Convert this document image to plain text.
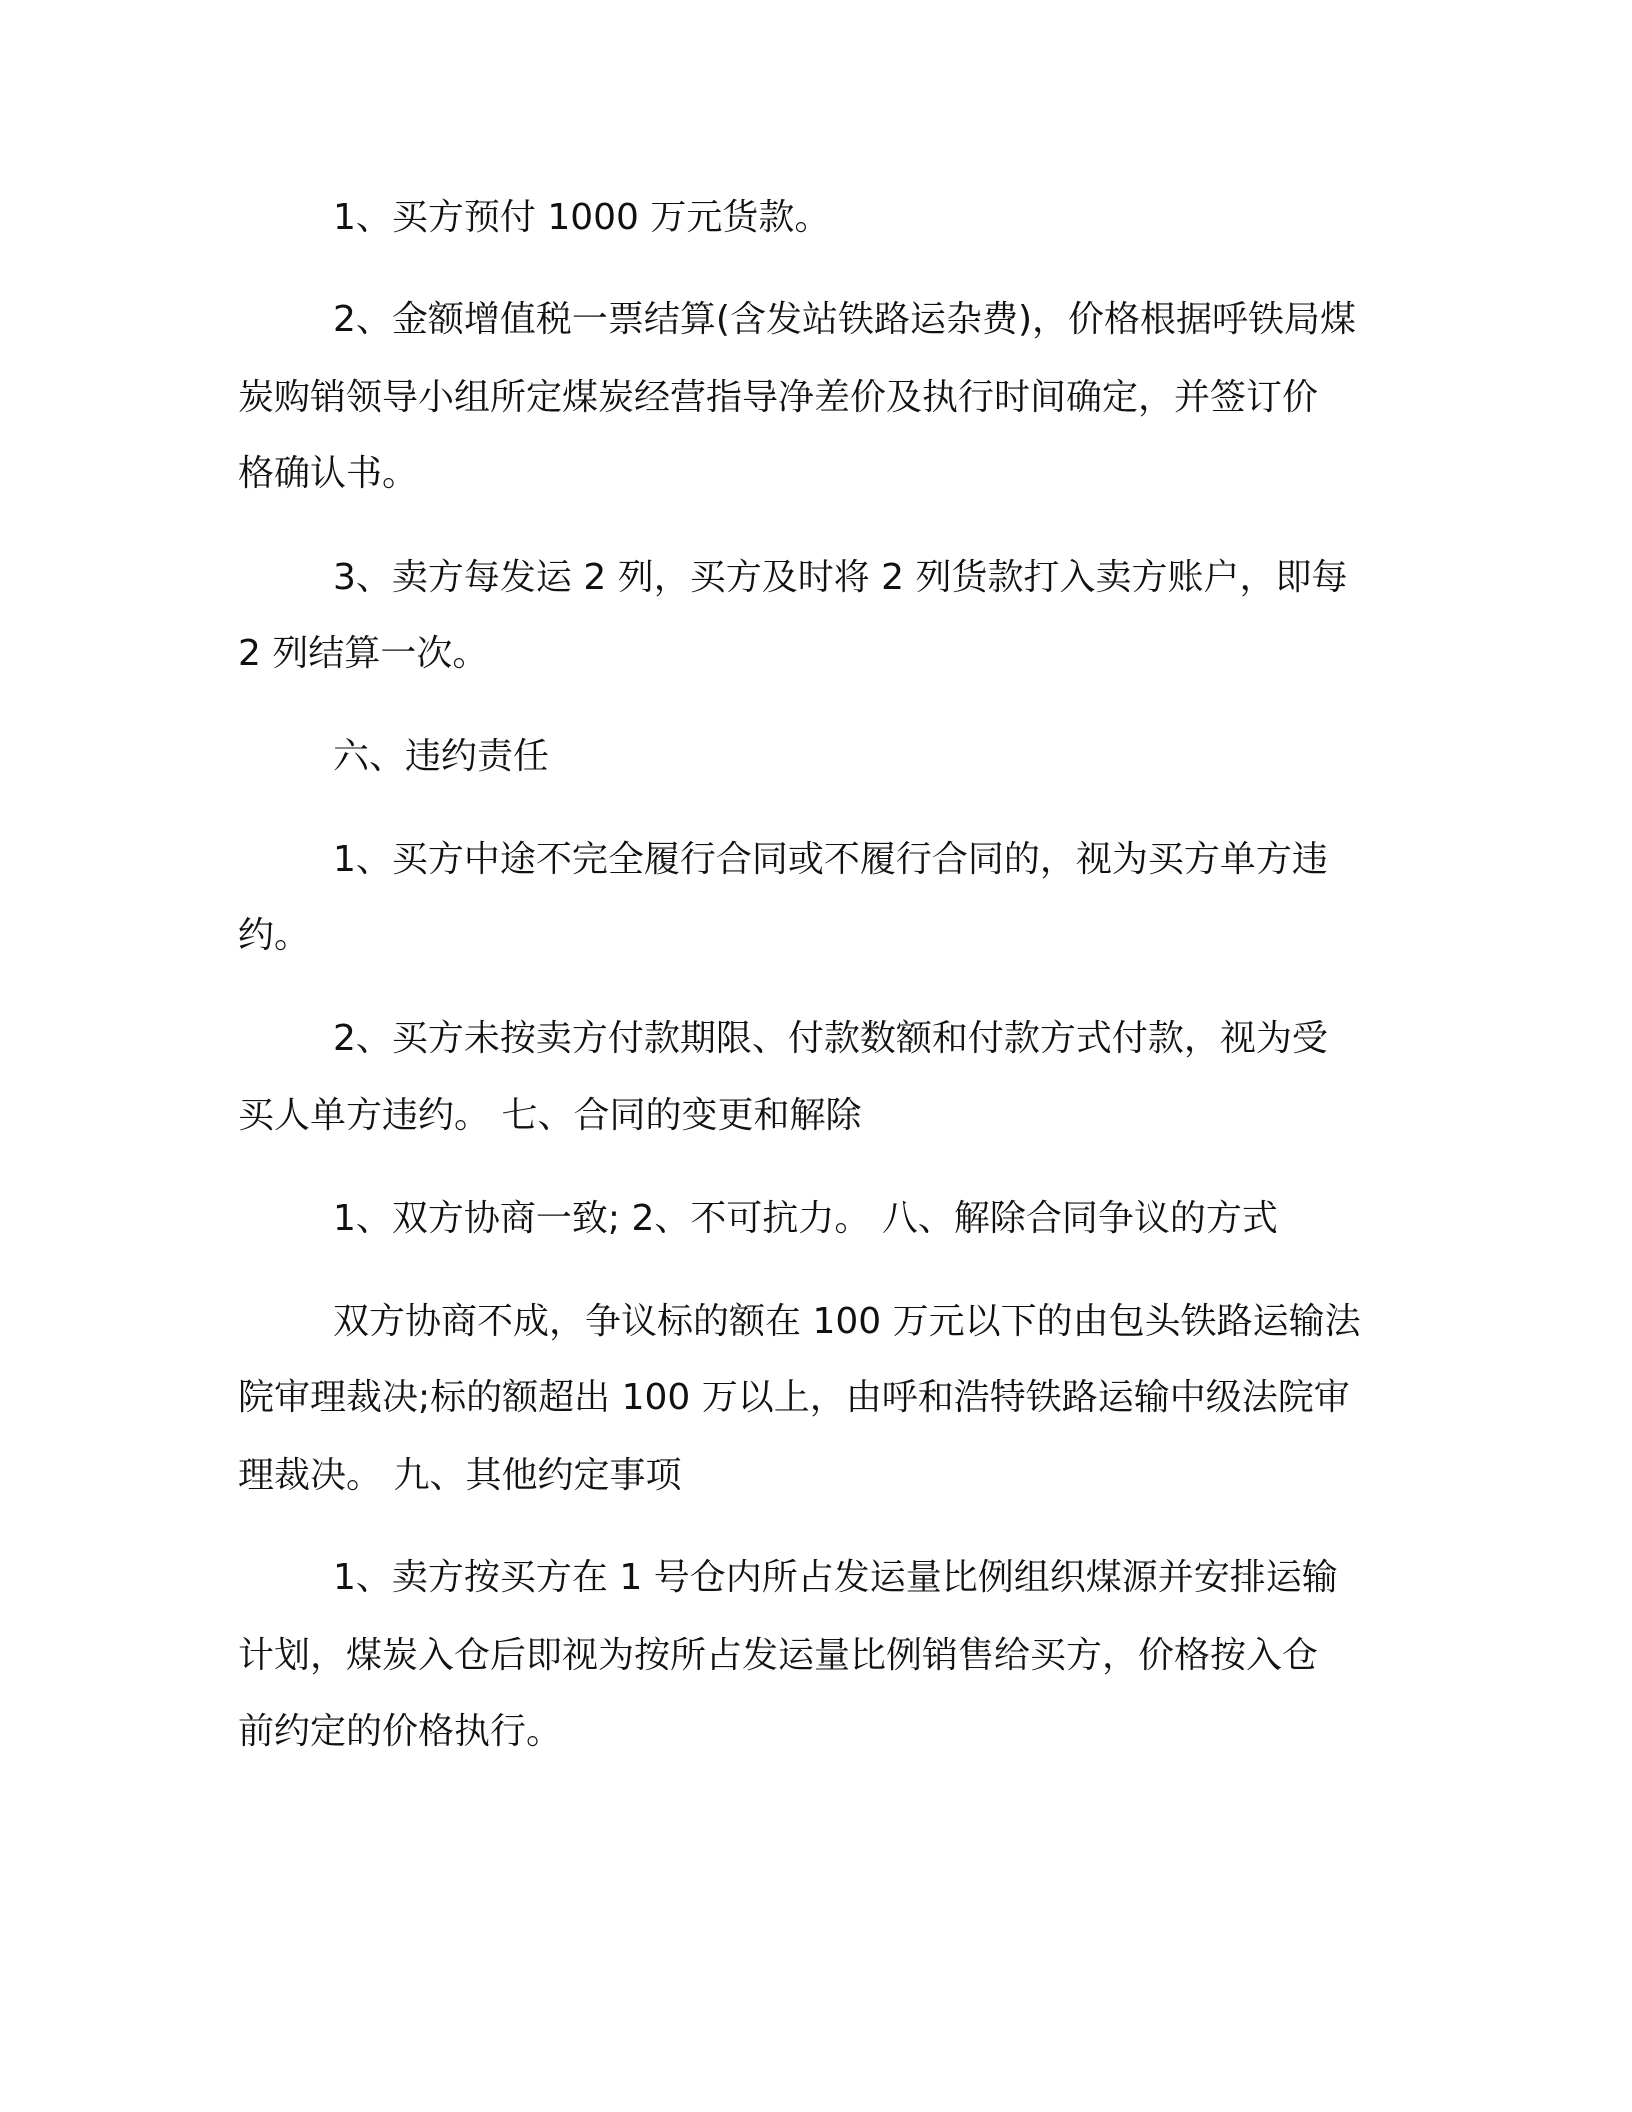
1、买方预付 1000 万元货款。
2、金额增值税一票结算(含发站铁路运杂费)，价格根据呼铁局煤
炭购销领导小组所定煤炭经营指导净差价及执行时间确定，并签订价
格确认书。
3、卖方每发运 2 列，买方及时将 2 列货款打入卖方账户，即每
2 列结算一次。
六、违约责任
1、买方中途不完全履行合同或不履行合同的，视为买方单方违
约。
2、买方未按卖方付款期限、付款数额和付款方式付款，视为受
买人单方违约。 七、合同的变更和解除
1、双方协商一致; 2、不可抗力。 八、解除合同争议的方式
双方协商不成，争议标的额在 100 万元以下的由包头铁路运输法
院审理裁决;标的额超出 100 万以上，由呼和浩特铁路运输中级法院审
理裁决。 九、其他约定事项
1、卖方按买方在 1 号仓内所占发运量比例组织煤源并安排运输
计划，煤炭入仓后即视为按所占发运量比例销售给买方，价格按入仓
前约定的价格执行。
